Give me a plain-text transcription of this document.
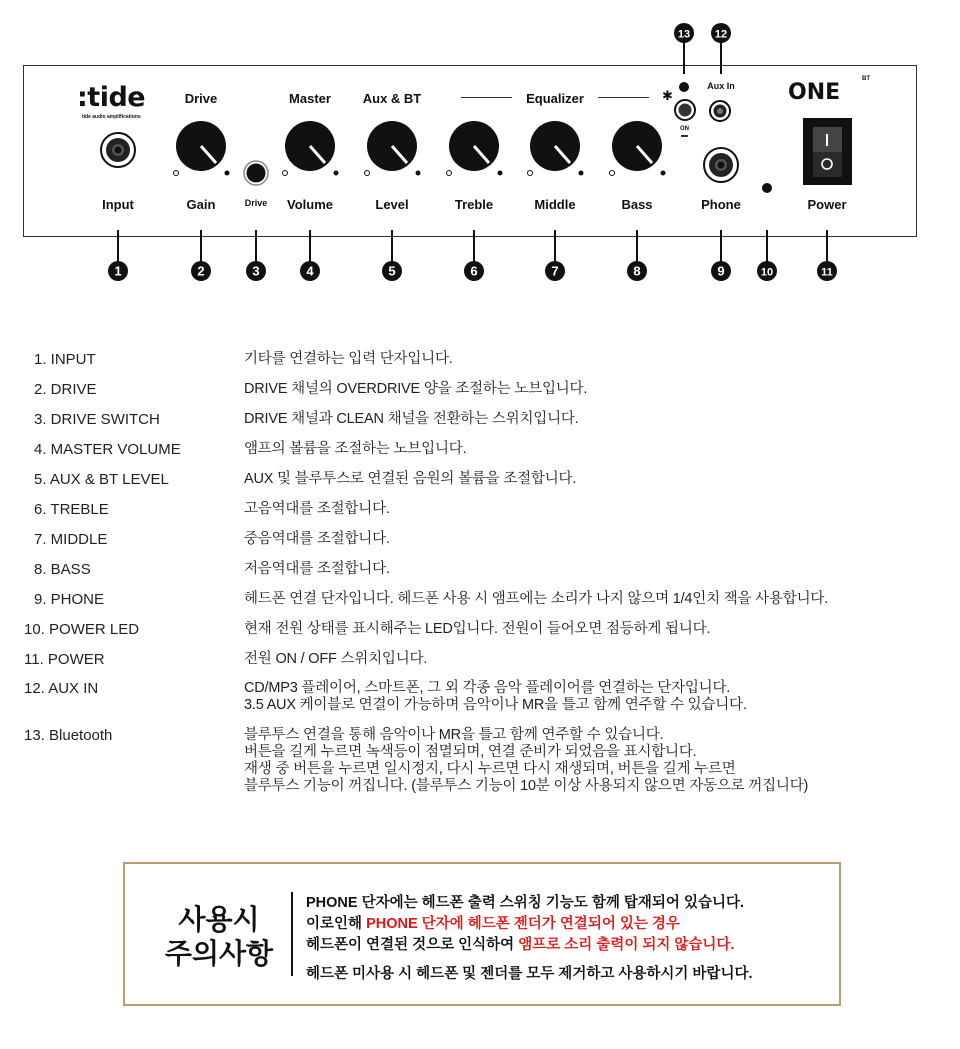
:tide
tide audio amplifications
ONE
BT
Drive	Master Aux & BT	Equalizer	✱
Aux In
ON
Input	Gain	Drive Volume	Level	Treble	Middle	Bass	Phone	Power
1	2	3	4	5	6	7	8	9	10	11
12
13
1. INPUT	기타를 연결하는 입력 단자입니다.
2. DRIVE	DRIVE 채널의 OVERDRIVE 양을 조절하는 노브입니다.
3. DRIVE SWITCH	DRIVE 채널과 CLEAN 채널을 전환하는 스위치입니다.
4. MASTER VOLUME	앰프의 볼륨을 조절하는 노브입니다.
5. AUX & BT LEVEL	AUX 및 블루투스로 연결된 음원의 볼륨을 조절합니다.
6. TREBLE	고음역대를 조절합니다.
7. MIDDLE	중음역대를 조절합니다.
8. BASS	저음역대를 조절합니다.
9. PHONE	헤드폰 연결 단자입니다. 헤드폰 사용 시 앰프에는 소리가 나지 않으며 1/4인치 잭을 사용합니다.
10. POWER LED	현재 전원 상태를 표시해주는 LED입니다. 전원이 들어오면 점등하게 됩니다.
11. POWER	전원 ON / OFF 스위치입니다.
12. AUX IN	CD/MP3 플레이어, 스마트폰, 그 외 각종 음악 플레이어를 연결하는 단자입니다.
3.5 AUX 케이블로 연결이 가능하며 음악이나 MR을 틀고 함께 연주할 수 있습니다.
13. Bluetooth	블루투스 연결을 통해 음악이나 MR을 틀고 함께 연주할 수 있습니다.
버튼을 길게 누르면 녹색등이 점멸되며, 연결 준비가 되었음을 표시합니다.
재생 중 버튼을 누르면 일시정지, 다시 누르면 다시 재생되며, 버튼을 길게 누르면
블루투스 기능이 꺼집니다. (블루투스 기능이 10분 이상 사용되지 않으면 자동으로 꺼집니다)
사용시
주의사항
PHONE 단자에는 헤드폰 출력 스위칭 기능도 함께 탑재되어 있습니다.
이로인해 PHONE 단자에 헤드폰 젠더가 연결되어 있는 경우
헤드폰이 연결된 것으로 인식하여 앰프로 소리 출력이 되지 않습니다.
헤드폰 미사용 시 헤드폰 및 젠더를 모두 제거하고 사용하시기 바랍니다.
